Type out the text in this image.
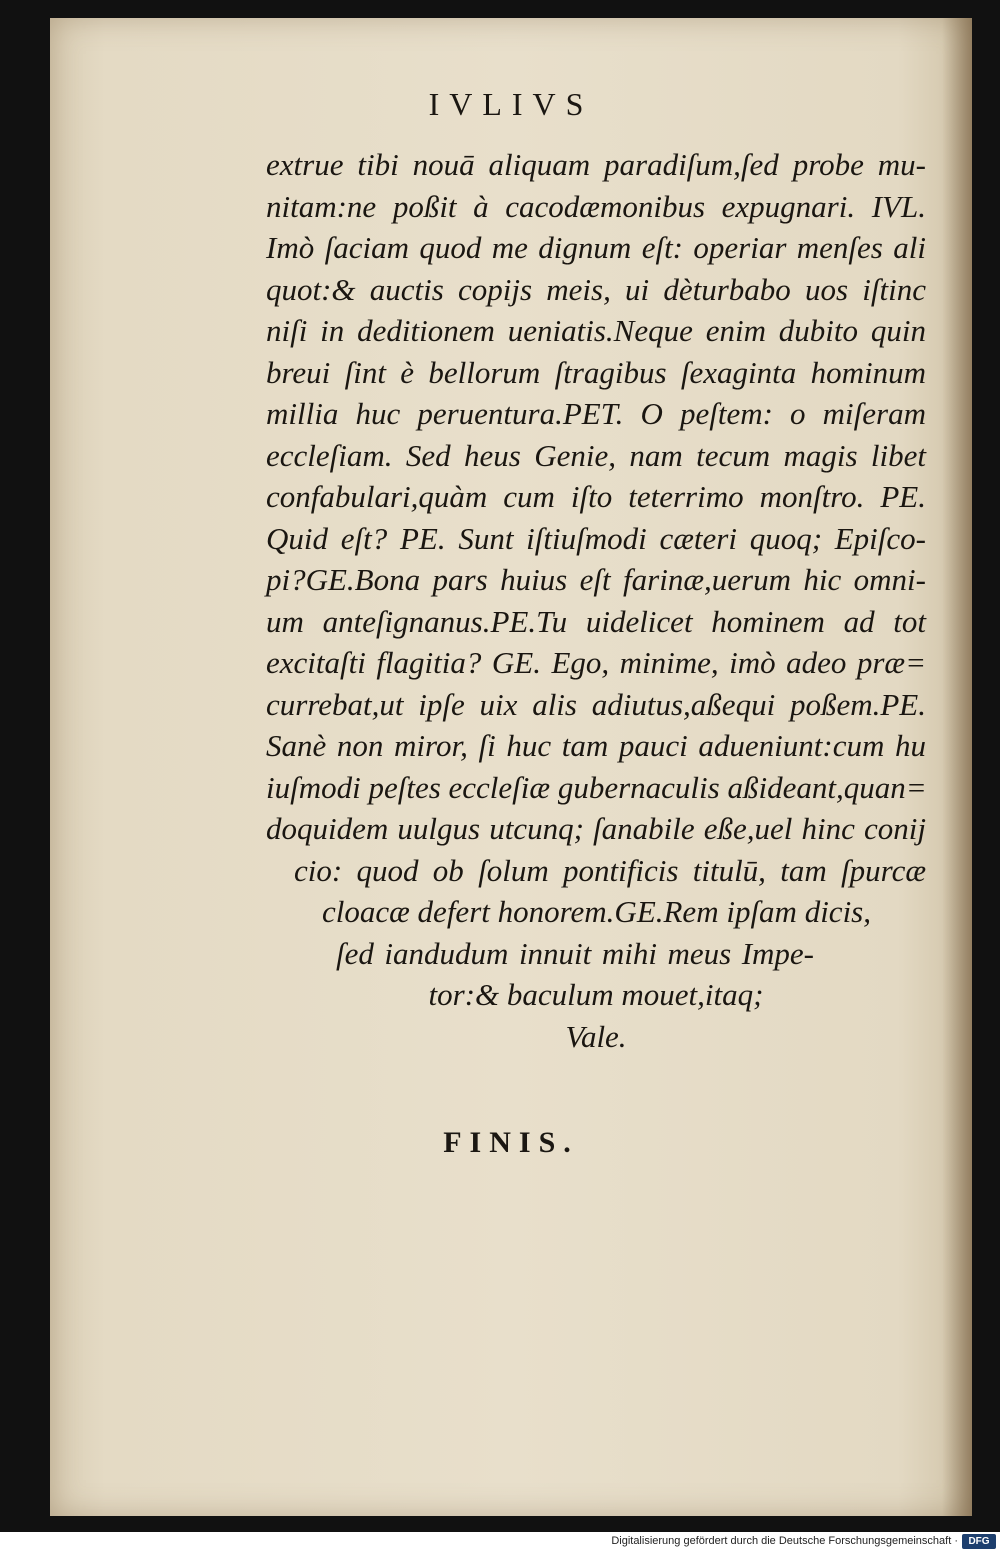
IVLIVS
extrue tibi nouā aliquam paradiſum,ſed probe mu-
nitam:ne poßit à cacodæmonibus expugnari. IVL.
Imò ſaciam quod me dignum eſt: operiar menſes ali
quot:& auctis copijs meis, ui dèturbabo uos iſtinc
niſi in deditionem ueniatis.Neque enim dubito quin
breui ſint è bellorum ſtragibus ſexaginta hominum
millia huc peruentura.PET. O peſtem: o miſeram
eccleſiam. Sed heus Genie, nam tecum magis libet
confabulari,quàm cum iſto teterrimo monſtro. PE.
Quid eſt? PE. Sunt iſtiuſmodi cæteri quoq; Epiſco-
pi?GE.Bona pars huius eſt farinæ,uerum hic omni-
um anteſignanus.PE.Tu uidelicet hominem ad tot
excitaſti flagitia? GE. Ego, minime, imò adeo præ=
currebat,ut ipſe uix alis adiutus,aßequi poßem.PE.
Sanè non miror, ſi huc tam pauci adueniunt:cum hu
iuſmodi peſtes eccleſiæ gubernaculis aßideant,quan=
doquidem uulgus utcunq; ſanabile eße,uel hinc conij
cio: quod ob ſolum pontificis titulū, tam ſpurcæ
cloacæ defert honorem.GE.Rem ipſam dicis,
ſed iandudum innuit mihi meus Impe-
tor:& baculum mouet,itaq;
Vale.
FINIS.
Digitalisierung gefördert durch die Deutsche Forschungsgemeinschaft ·	DFG
